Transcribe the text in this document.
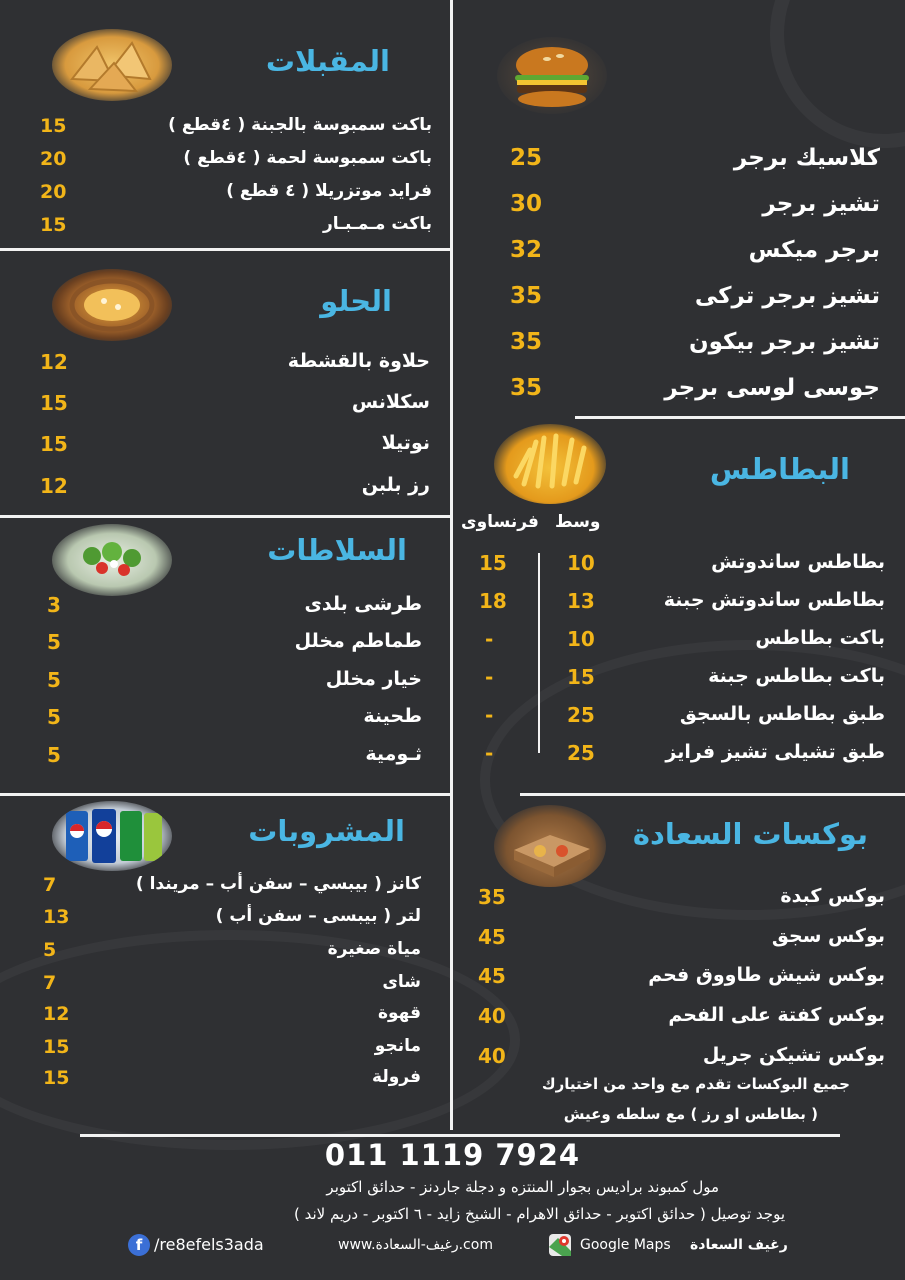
25	كلاسيك برجر
30	تشيز برجر
32	برجر ميكس
35	تشيز برجر تركى
35	تشيز برجر بيكون
35	جوسى لوسى برجر
البطاطس
وسط
فرنساوى
15	10	بطاطس ساندوتش
18	13	بطاطس ساندوتش جبنة
-	10	باكت بطاطس
-	15	باكت بطاطس جبنة
-	25	طبق بطاطس بالسجق
-	25	طبق تشيلى تشيز فرايز
بوكسات السعادة
35	بوكس كبدة
45	بوكس سجق
45	بوكس شيش طاووق فحم
40	بوكس كفتة على الفحم
40	بوكس تشيكن جريل
جميع البوكسات تقدم مع واحد من اختيارك
( بطاطس او رز ) مع سلطه وعيش
المقبلات
15	باكت سمبوسة بالجبنة ( ٤قطع )
20	باكت سمبوسة لحمة ( ٤قطع )
20	فرايد موتزريلا ( ٤ قطع )
15	باكت مـمـبـار
الحلو
12	حلاوة بالقشطة
15	سكلانس
15	نوتيلا
12	رز بلبن
السلاطات
3	طرشى بلدى
5	طماطم مخلل
5	خيار مخلل
5	طحينة
5	ثـومية
المشروبات
7	كانز ( بيبسي – سفن أب – مريندا )
13	لتر ( بيبسى – سفن أب )
5	مياة صغيرة
7	شاى
12	قهوة
15	مانجو
15	فرولة
011 1119 7924
مول كمبوند براديس بجوار المنتزه و دجلة جاردنز - حدائق اكتوبر
يوجد توصيل ( حدائق اكتوبر - حدائق الاهرام - الشيخ زايد - ٦ اكتوبر - دريم لاند )
f /re8efels3ada	www.رغيف-السعادة.com	Google Maps رغيف السعادة
